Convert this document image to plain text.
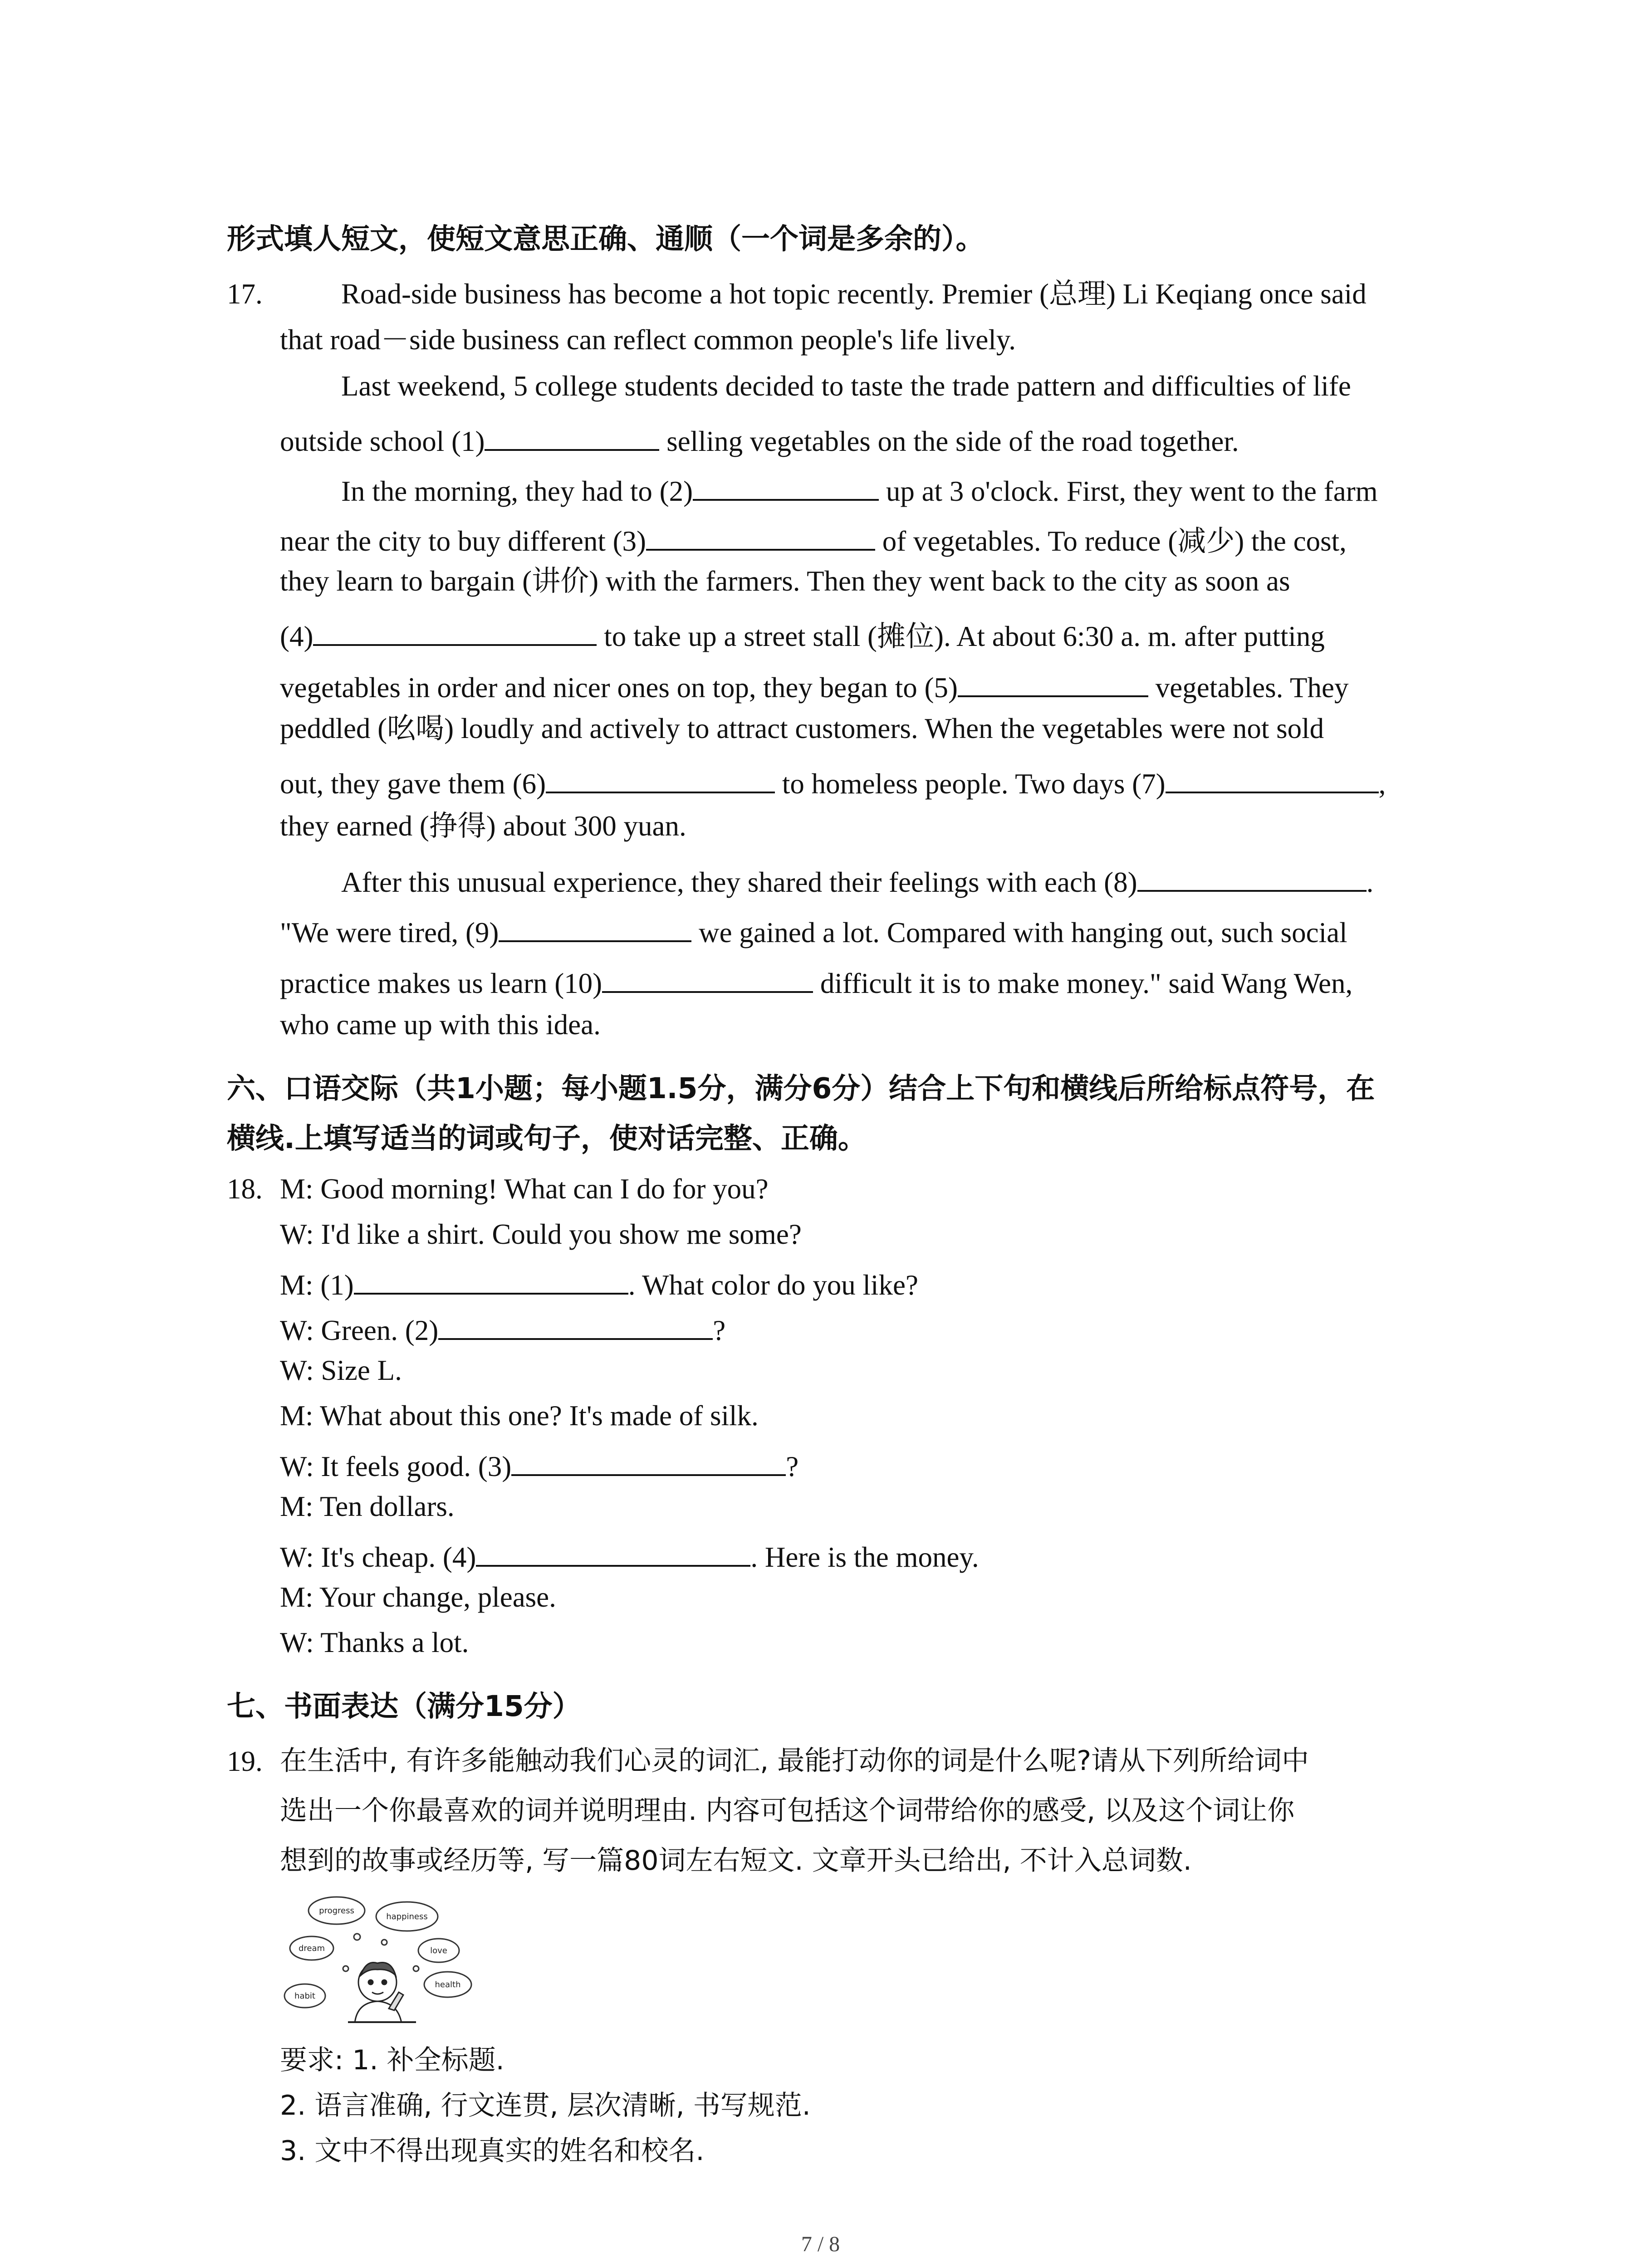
形式填人短文，使短文意思正确、通顺（一个词是多余的）。
17.	Road-side business has become a hot topic recently. Premier (总理) Li Keqiang once said
that road－side business can reflect common people's life lively.
Last weekend, 5 college students decided to taste the trade pattern and difficulties of life
outside school (1)	selling vegetables on the side of the road together.
In the morning, they had to (2)	up at 3 o'clock. First, they went to the farm
near the city to buy different (3)	of vegetables. To reduce (减少) the cost,
they learn to bargain (讲价) with the farmers. Then they went back to the city as soon as
(4)	to take up a street stall (摊位). At about 6:30 a. m. after putting
vegetables in order and nicer ones on top, they began to (5)	vegetables. They
peddled (吆喝) loudly and actively to attract customers. When the vegetables were not sold
out, they gave them (6)	to homeless people. Two days (7)	,
they earned (挣得) about 300 yuan.
After this unusual experience, they shared their feelings with each (8)	.
"We were tired, (9)	we gained a lot. Compared with hanging out, such social
practice makes us learn (10)	difficult it is to make money." said Wang Wen,
who came up with this idea.
六、口语交际（共1小题；每小题1.5分，满分6分）结合上下句和横线后所给标点符号，在
横线.上填写适当的词或句子，使对话完整、正确。
18. M: Good morning! What can I do for you?
W: I'd like a shirt. Could you show me some?
M: (1)	. What color do you like?
W: Green. (2)	?
W: Size L.
M: What about this one? It's made of silk.
W: It feels good. (3)	?
M: Ten dollars.
W: It's cheap. (4)	. Here is the money.
M: Your change, please.
W: Thanks a lot.
七、书面表达（满分15分）
19. 在生活中, 有许多能触动我们心灵的词汇, 最能打动你的词是什么呢?请从下列所给词中
选出一个你最喜欢的词并说明理由. 内容可包括这个词带给你的感受, 以及这个词让你
想到的故事或经历等, 写一篇80词左右短文. 文章开头已给出, 不计入总词数.
progress
happiness
dream	love
health
habit
要求: 1. 补全标题.
2. 语言准确, 行文连贯, 层次清晰, 书写规范.
3. 文中不得出现真实的姓名和校名.
7 / 8
